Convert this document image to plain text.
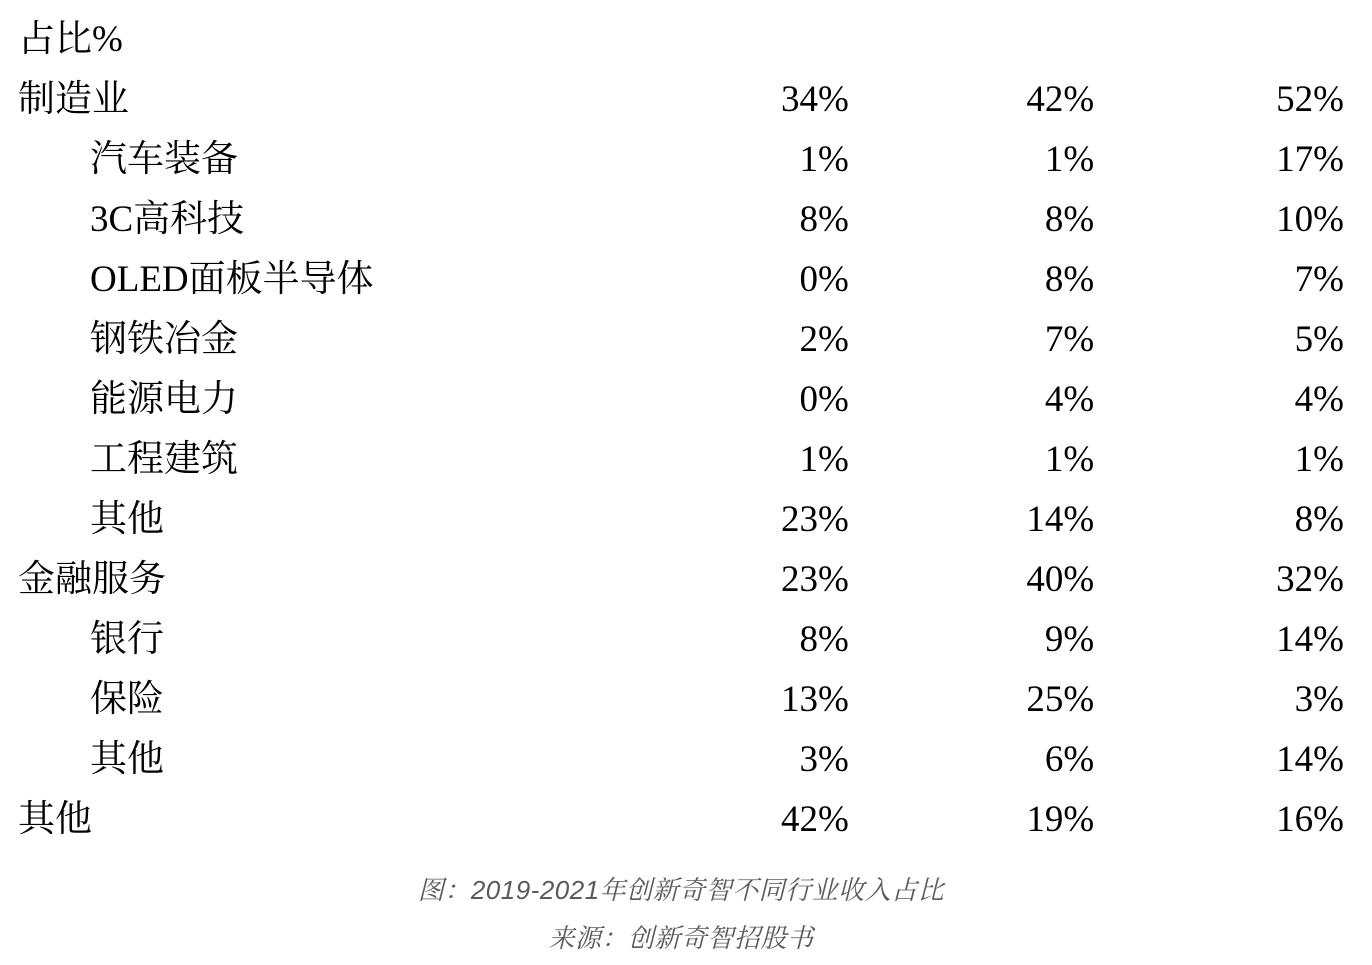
占比%			
制造业	34%	42%	52%
汽车装备	1%	1%	17%
3C高科技	8%	8%	10%
OLED面板半导体	0%	8%	7%
钢铁冶金	2%	7%	5%
能源电力	0%	4%	4%
工程建筑	1%	1%	1%
其他	23%	14%	8%
金融服务	23%	40%	32%
银行	8%	9%	14%
保险	13%	25%	3%
其他	3%	6%	14%
其他	42%	19%	16%
图：2019-2021年创新奇智不同行业收入占比
来源：创新奇智招股书
